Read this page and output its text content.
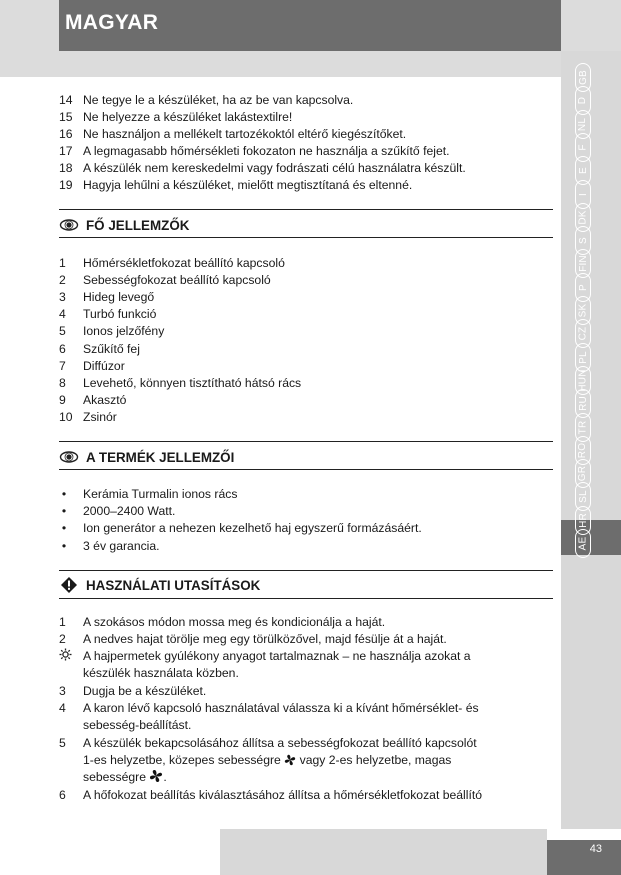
MAGYAR
GB
D
NL
F
E
I
DK
S
FIN
P
SK
CZ
PL
HUN
RU
TR
RO
GR
SL
HR
AE
43
14 Ne tegye le a készüléket, ha az be van kapcsolva.
15 Ne helyezze a készüléket lakástextilre!
16 Ne használjon a mellékelt tartozékoktól eltérő kiegészítőket.
17 A legmagasabb hőmérsékleti fokozaton ne használja a szűkítő fejet.
18 A készülék nem kereskedelmi vagy fodrászati célú használatra készült.
19 Hagyja lehűlni a készüléket, mielőtt megtisztítaná és eltenné.
FŐ JELLEMZŐK
1	Hőmérsékletfokozat beállító kapcsoló
2	Sebességfokozat beállító kapcsoló
3	Hideg levegő
4	Turbó funkció
5	Ionos jelzőfény
6	Szűkítő fej
7	Diffúzor
8	Levehető, könnyen tisztítható hátsó rács
9	Akasztó
10 Zsinór
A TERMÉK JELLEMZŐI
• Kerámia Turmalin ionos rács
• 2000–2400 Watt.
• Ion generátor a nehezen kezelhető haj egyszerű formázásáért.
• 3 év garancia.
HASZNÁLATI UTASÍTÁSOK
1	A szokásos módon mossa meg és kondicionálja a haját.
2	A nedves hajat törölje meg egy törülközővel, majd fésülje át a haját.
A hajpermetek gyúlékony anyagot tartalmaznak – ne használja azokat a
készülék használata közben.
3	Dugja be a készüléket.
4	A karon lévő kapcsoló használatával válassza ki a kívánt hőmérséklet- és
sebesség-beállítást.
5	A készülék bekapcsolásához állítsa a sebességfokozat beállító kapcsolót
1-es helyzetbe, közepes sebességre vagy 2-es helyzetbe, magas
sebességre .
6	A hőfokozat beállítás kiválasztásához állítsa a hőmérsékletfokozat beállító
